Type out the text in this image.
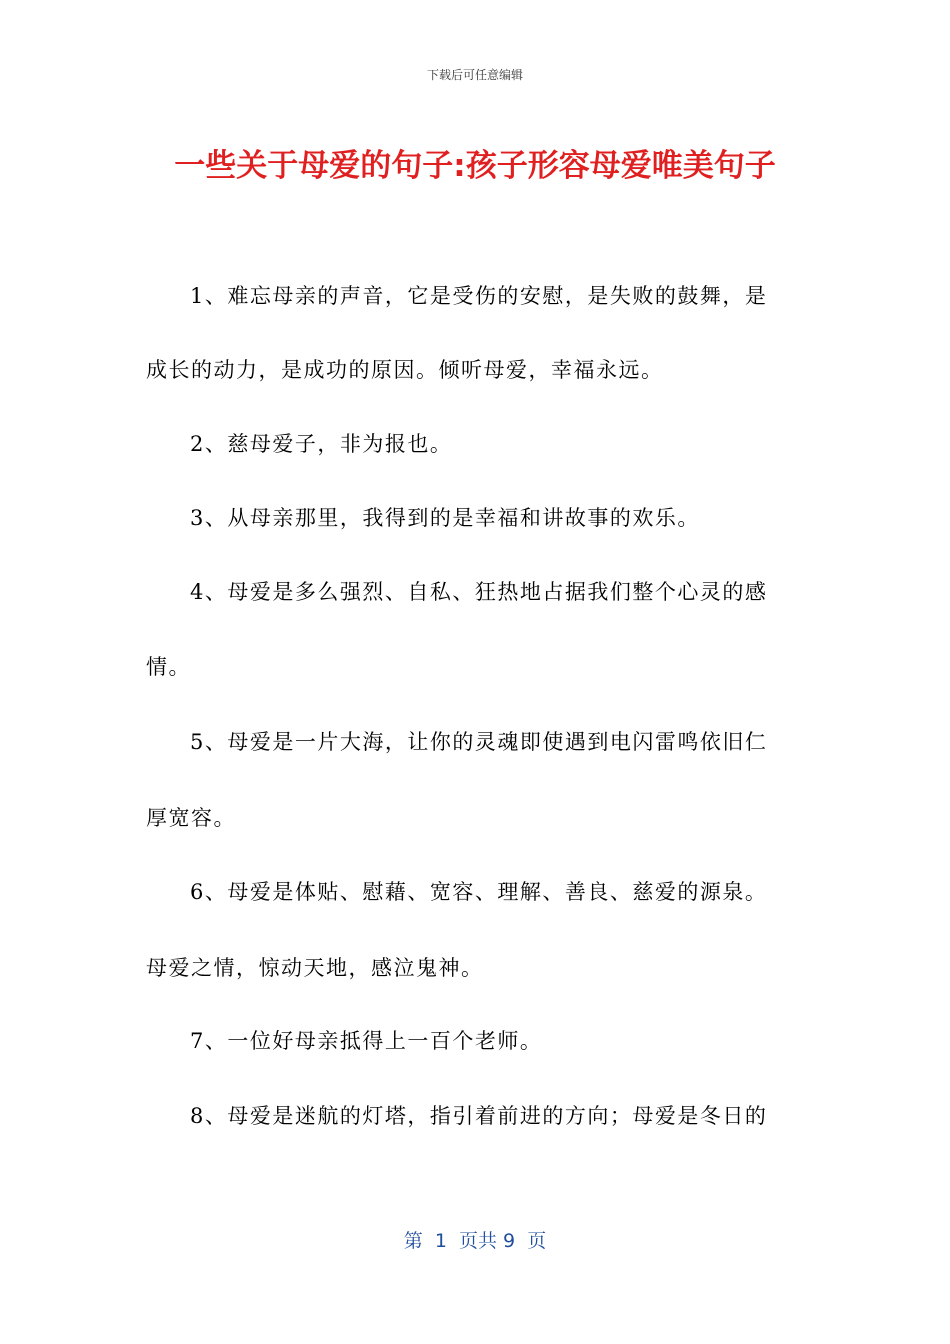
下载后可任意编辑
一些关于母爱的句子:孩子形容母爱唯美句子
1、难忘母亲的声音，它是受伤的安慰，是失败的鼓舞，是
成长的动力，是成功的原因。倾听母爱，幸福永远。
2、慈母爱子，非为报也。
3、从母亲那里，我得到的是幸福和讲故事的欢乐。
4、母爱是多么强烈、自私、狂热地占据我们整个心灵的感
情。
5、母爱是一片大海，让你的灵魂即使遇到电闪雷鸣依旧仁
厚宽容。
6、母爱是体贴、慰藉、宽容、理解、善良、慈爱的源泉。
母爱之情，惊动天地，感泣鬼神。
7、一位好母亲抵得上一百个老师。
8、母爱是迷航的灯塔，指引着前进的方向；母爱是冬日的
第  1  页共 9  页
